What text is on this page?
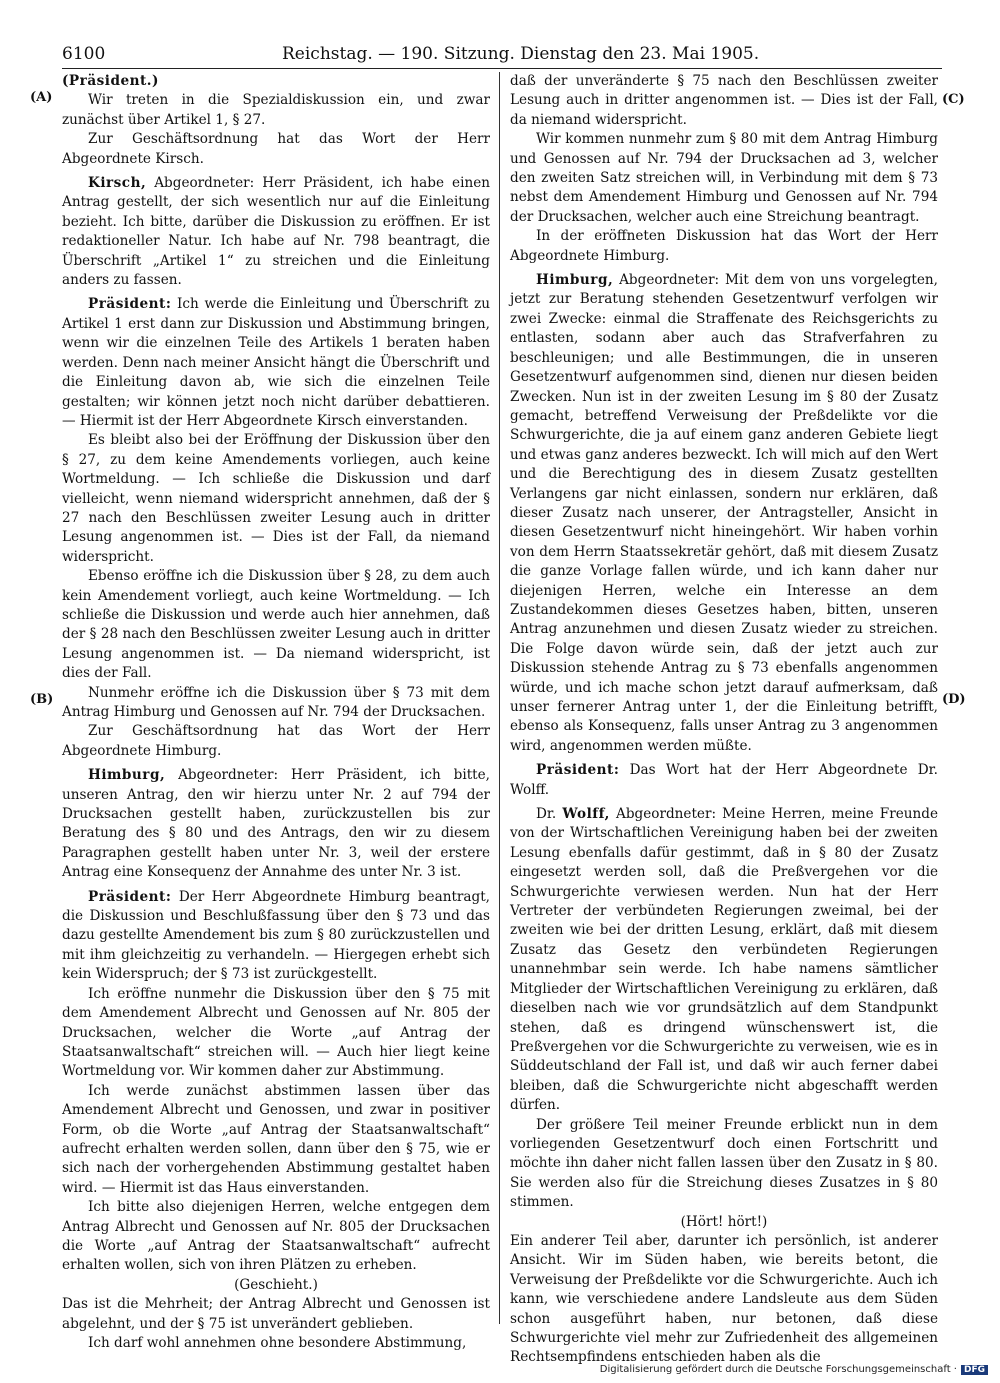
6100	Reichstag. — 190. Sitzung. Dienstag den 23. Mai 1905.
(A)
(B)
(C)
(D)

(Präsident.)

Wir treten in die Spezialdiskussion ein, und zwar zunächst über Artikel 1, § 27.

Zur Geschäftsordnung hat das Wort der Herr Abgeordnete Kirsch.

Kirsch, Abgeordneter: Herr Präsident, ich habe einen Antrag gestellt, der sich wesentlich nur auf die Einleitung bezieht. Ich bitte, darüber die Diskussion zu eröffnen. Er ist redaktioneller Natur. Ich habe auf Nr. 798 beantragt, die Überschrift „Artikel 1“ zu streichen und die Einleitung anders zu fassen.

Präsident: Ich werde die Einleitung und Überschrift zu Artikel 1 erst dann zur Diskussion und Abstimmung bringen, wenn wir die einzelnen Teile des Artikels 1 beraten haben werden. Denn nach meiner Ansicht hängt die Überschrift und die Einleitung davon ab, wie sich die einzelnen Teile gestalten; wir können jetzt noch nicht darüber debattieren. — Hiermit ist der Herr Abgeordnete Kirsch einverstanden.

Es bleibt also bei der Eröffnung der Diskussion über den § 27, zu dem keine Amendements vorliegen, auch keine Wortmeldung. — Ich schließe die Diskussion und darf vielleicht, wenn niemand widerspricht annehmen, daß der § 27 nach den Beschlüssen zweiter Lesung auch in dritter Lesung angenommen ist. — Dies ist der Fall, da niemand widerspricht.

Ebenso eröffne ich die Diskussion über § 28, zu dem auch kein Amendement vorliegt, auch keine Wortmeldung. — Ich schließe die Diskussion und werde auch hier annehmen, daß der § 28 nach den Beschlüssen zweiter Lesung auch in dritter Lesung angenommen ist. — Da niemand widerspricht, ist dies der Fall.

Nunmehr eröffne ich die Diskussion über § 73 mit dem Antrag Himburg und Genossen auf Nr. 794 der Drucksachen.

Zur Geschäftsordnung hat das Wort der Herr Abgeordnete Himburg.

Himburg, Abgeordneter: Herr Präsident, ich bitte, unseren Antrag, den wir hierzu unter Nr. 2 auf 794 der Drucksachen gestellt haben, zurückzustellen bis zur Beratung des § 80 und des Antrags, den wir zu diesem Paragraphen gestellt haben unter Nr. 3, weil der erstere Antrag eine Konsequenz der Annahme des unter Nr. 3 ist.

Präsident: Der Herr Abgeordnete Himburg beantragt, die Diskussion und Beschlußfassung über den § 73 und das dazu gestellte Amendement bis zum § 80 zurückzustellen und mit ihm gleichzeitig zu verhandeln. — Hiergegen erhebt sich kein Widerspruch; der § 73 ist zurückgestellt.

Ich eröffne nunmehr die Diskussion über den § 75 mit dem Amendement Albrecht und Genossen auf Nr. 805 der Drucksachen, welcher die Worte „auf Antrag der Staatsanwaltschaft“ streichen will. — Auch hier liegt keine Wortmeldung vor. Wir kommen daher zur Abstimmung.

Ich werde zunächst abstimmen lassen über das Amendement Albrecht und Genossen, und zwar in positiver Form, ob die Worte „auf Antrag der Staatsanwaltschaft“ aufrecht erhalten werden sollen, dann über den § 75, wie er sich nach der vorhergehenden Abstimmung gestaltet haben wird. — Hiermit ist das Haus einverstanden.

Ich bitte also diejenigen Herren, welche entgegen dem Antrag Albrecht und Genossen auf Nr. 805 der Drucksachen die Worte „auf Antrag der Staatsanwaltschaft“ aufrecht erhalten wollen, sich von ihren Plätzen zu erheben.

(Geschieht.)

Das ist die Mehrheit; der Antrag Albrecht und Genossen ist abgelehnt, und der § 75 ist unverändert geblieben.

Ich darf wohl annehmen ohne besondere Abstimmung,

daß der unveränderte § 75 nach den Beschlüssen zweiter Lesung auch in dritter angenommen ist. — Dies ist der Fall, da niemand widerspricht.

Wir kommen nunmehr zum § 80 mit dem Antrag Himburg und Genossen auf Nr. 794 der Drucksachen ad 3, welcher den zweiten Satz streichen will, in Verbindung mit dem § 73 nebst dem Amendement Himburg und Genossen auf Nr. 794 der Drucksachen, welcher auch eine Streichung beantragt.

In der eröffneten Diskussion hat das Wort der Herr Abgeordnete Himburg.

Himburg, Abgeordneter: Mit dem von uns vorgelegten, jetzt zur Beratung stehenden Gesetzentwurf verfolgen wir zwei Zwecke: einmal die Straffenate des Reichsgerichts zu entlasten, sodann aber auch das Strafverfahren zu beschleunigen; und alle Bestimmungen, die in unseren Gesetzentwurf aufgenommen sind, dienen nur diesen beiden Zwecken. Nun ist in der zweiten Lesung im § 80 der Zusatz gemacht, betreffend Verweisung der Preßdelikte vor die Schwurgerichte, die ja auf einem ganz anderen Gebiete liegt und etwas ganz anderes bezweckt. Ich will mich auf den Wert und die Berechtigung des in diesem Zusatz gestellten Verlangens gar nicht einlassen, sondern nur erklären, daß dieser Zusatz nach unserer, der Antragsteller, Ansicht in diesen Gesetzentwurf nicht hineingehört. Wir haben vorhin von dem Herrn Staatssekretär gehört, daß mit diesem Zusatz die ganze Vorlage fallen würde, und ich kann daher nur diejenigen Herren, welche ein Interesse an dem Zustandekommen dieses Gesetzes haben, bitten, unseren Antrag anzunehmen und diesen Zusatz wieder zu streichen. Die Folge davon würde sein, daß der jetzt auch zur Diskussion stehende Antrag zu § 73 ebenfalls angenommen würde, und ich mache schon jetzt darauf aufmerksam, daß unser fernerer Antrag unter 1, der die Einleitung betrifft, ebenso als Konsequenz, falls unser Antrag zu 3 angenommen wird, angenommen werden müßte.

Präsident: Das Wort hat der Herr Abgeordnete Dr. Wolff.

Dr. Wolff, Abgeordneter: Meine Herren, meine Freunde von der Wirtschaftlichen Vereinigung haben bei der zweiten Lesung ebenfalls dafür gestimmt, daß in § 80 der Zusatz eingesetzt werden soll, daß die Preßvergehen vor die Schwurgerichte verwiesen werden. Nun hat der Herr Vertreter der verbündeten Regierungen zweimal, bei der zweiten wie bei der dritten Lesung, erklärt, daß mit diesem Zusatz das Gesetz den verbündeten Regierungen unannehmbar sein werde. Ich habe namens sämtlicher Mitglieder der Wirtschaftlichen Vereinigung zu erklären, daß dieselben nach wie vor grundsätzlich auf dem Standpunkt stehen, daß es dringend wünschenswert ist, die Preßvergehen vor die Schwurgerichte zu verweisen, wie es in Süddeutschland der Fall ist, und daß wir auch ferner dabei bleiben, daß die Schwurgerichte nicht abgeschafft werden dürfen.

Der größere Teil meiner Freunde erblickt nun in dem vorliegenden Gesetzentwurf doch einen Fortschritt und möchte ihn daher nicht fallen lassen über den Zusatz in § 80. Sie werden also für die Streichung dieses Zusatzes in § 80 stimmen.

(Hört! hört!)

Ein anderer Teil aber, darunter ich persönlich, ist anderer Ansicht. Wir im Süden haben, wie bereits betont, die Verweisung der Preßdelikte vor die Schwurgerichte. Auch ich kann, wie verschiedene andere Landsleute aus dem Süden schon ausgeführt haben, nur betonen, daß diese Schwurgerichte viel mehr zur Zufriedenheit des allgemeinen Rechtsempfindens entschieden haben als die

Digitalisierung gefördert durch die Deutsche Forschungsgemeinschaft · DFG
